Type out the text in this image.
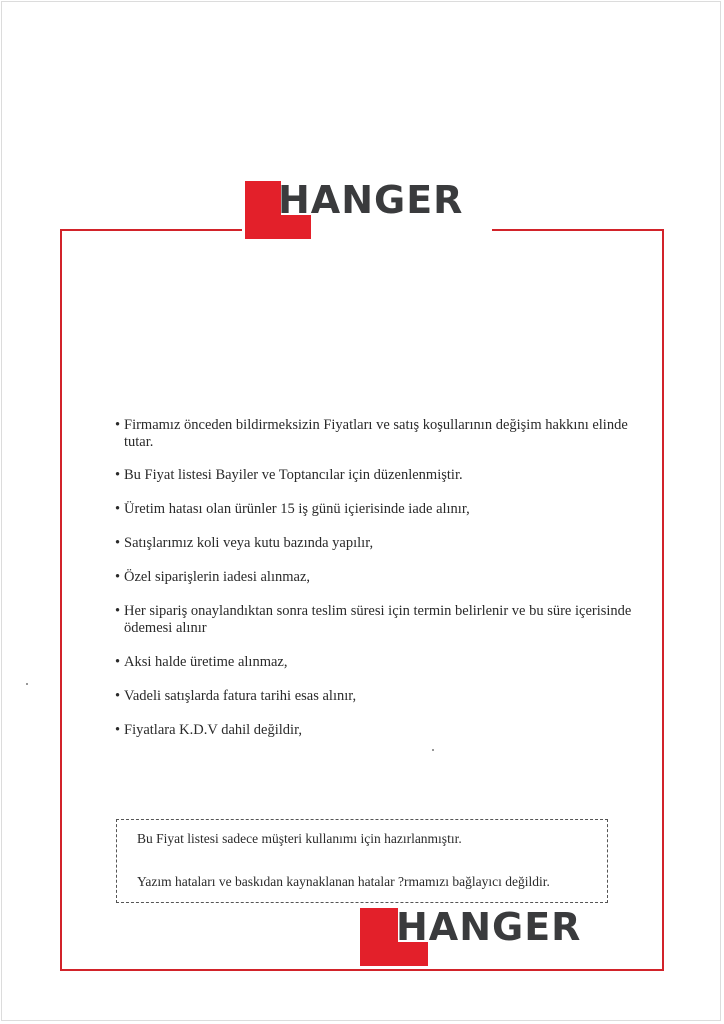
HANGER
• Firmamız önceden bildirmeksizin Fiyatları ve satış koşullarının değişim hakkını elinde tutar.
• Bu Fiyat listesi Bayiler ve Toptancılar için düzenlenmiştir.
• Üretim hatası olan ürünler 15 iş günü içierisinde iade alınır,
• Satışlarımız koli veya kutu bazında yapılır,
• Özel siparişlerin iadesi alınmaz,
• Her sipariş onaylandıktan sonra teslim süresi için termin belirlenir ve bu süre içerisinde ödemesi alınır
• Aksi halde üretime alınmaz,
• Vadeli satışlarda fatura tarihi esas alınır,
• Fiyatlara K.D.V dahil değildir,
Bu Fiyat listesi sadece müşteri kullanımı için hazırlanmıştır.
Yazım hataları ve baskıdan kaynaklanan hatalar ?rmamızı bağlayıcı değildir.
HANGER
